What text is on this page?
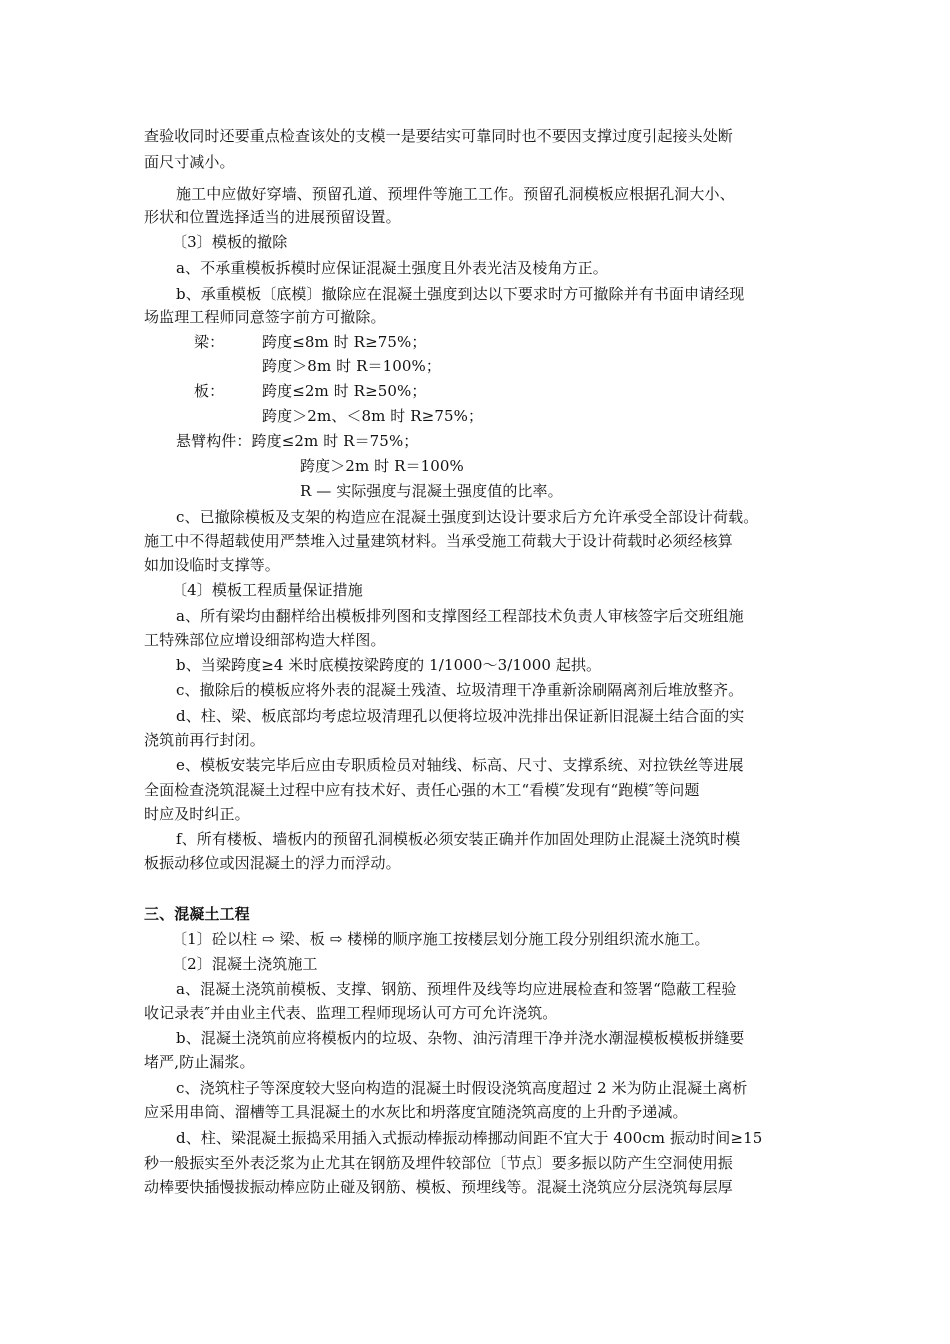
查验收同时还要重点检查该处的支模一是要结实可靠同时也不要因支撑过度引起接头处断
面尺寸减小。
施工中应做好穿墙、预留孔道、预埋件等施工工作。预留孔洞模板应根据孔洞大小、
形状和位置选择适当的进展预留设置。
〔3〕模板的撤除
a、不承重模板拆模时应保证混凝土强度且外表光洁及棱角方正。
b、承重模板〔底模〕撤除应在混凝土强度到达以下要求时方可撤除并有书面申请经现
场监理工程师同意签字前方可撤除。
梁：	跨度≤8m 时 R≥75%；
跨度＞8m 时 R＝100%；
板：	跨度≤2m 时 R≥50%；
跨度＞2m、＜8m 时 R≥75%；
悬臂构件：跨度≤2m 时 R＝75%；
跨度＞2m 时 R＝100%
R — 实际强度与混凝土强度值的比率。
c、已撤除模板及支架的构造应在混凝土强度到达设计要求后方允许承受全部设计荷载。
施工中不得超载使用严禁堆入过量建筑材料。当承受施工荷载大于设计荷载时必须经核算
如加设临时支撑等。
〔4〕模板工程质量保证措施
a、所有梁均由翻样给出模板排列图和支撑图经工程部技术负责人审核签字后交班组施
工特殊部位应增设细部构造大样图。
b、当梁跨度≥4 米时底模按梁跨度的 1/1000～3/1000 起拱。
c、撤除后的模板应将外表的混凝土残渣、垃圾清理干净重新涂刷隔离剂后堆放整齐。
d、柱、梁、板底部均考虑垃圾清理孔以便将垃圾冲洗排出保证新旧混凝土结合面的实
浇筑前再行封闭。
e、模板安装完毕后应由专职质检员对轴线、标高、尺寸、支撑系统、对拉铁丝等进展
全面检查浇筑混凝土过程中应有技术好、责任心强的木工“看模″发现有“跑模″等问题
时应及时纠正。
f、所有楼板、墙板内的预留孔洞模板必须安装正确并作加固处理防止混凝土浇筑时模
板振动移位或因混凝土的浮力而浮动。
三、混凝土工程
〔1〕砼以柱 ⇨ 梁、板 ⇨ 楼梯的顺序施工按楼层划分施工段分别组织流水施工。
〔2〕混凝土浇筑施工
a、混凝土浇筑前模板、支撑、钢筋、预埋件及线等均应进展检查和签署“隐蔽工程验
收记录表″并由业主代表、监理工程师现场认可方可允许浇筑。
b、混凝土浇筑前应将模板内的垃圾、杂物、油污清理干净并浇水潮湿模板模板拼缝要
堵严,防止漏浆。
c、浇筑柱子等深度较大竖向构造的混凝土时假设浇筑高度超过 2 米为防止混凝土离析
应采用串筒、溜槽等工具混凝土的水灰比和坍落度宜随浇筑高度的上升酌予递减。
d、柱、梁混凝土振捣采用插入式振动棒振动棒挪动间距不宜大于 400cm 振动时间≥15
秒一般振实至外表泛浆为止尤其在钢筋及埋件较部位〔节点〕要多振以防产生空洞使用振
动棒要快插慢拔振动棒应防止碰及钢筋、模板、预埋线等。混凝土浇筑应分层浇筑每层厚
